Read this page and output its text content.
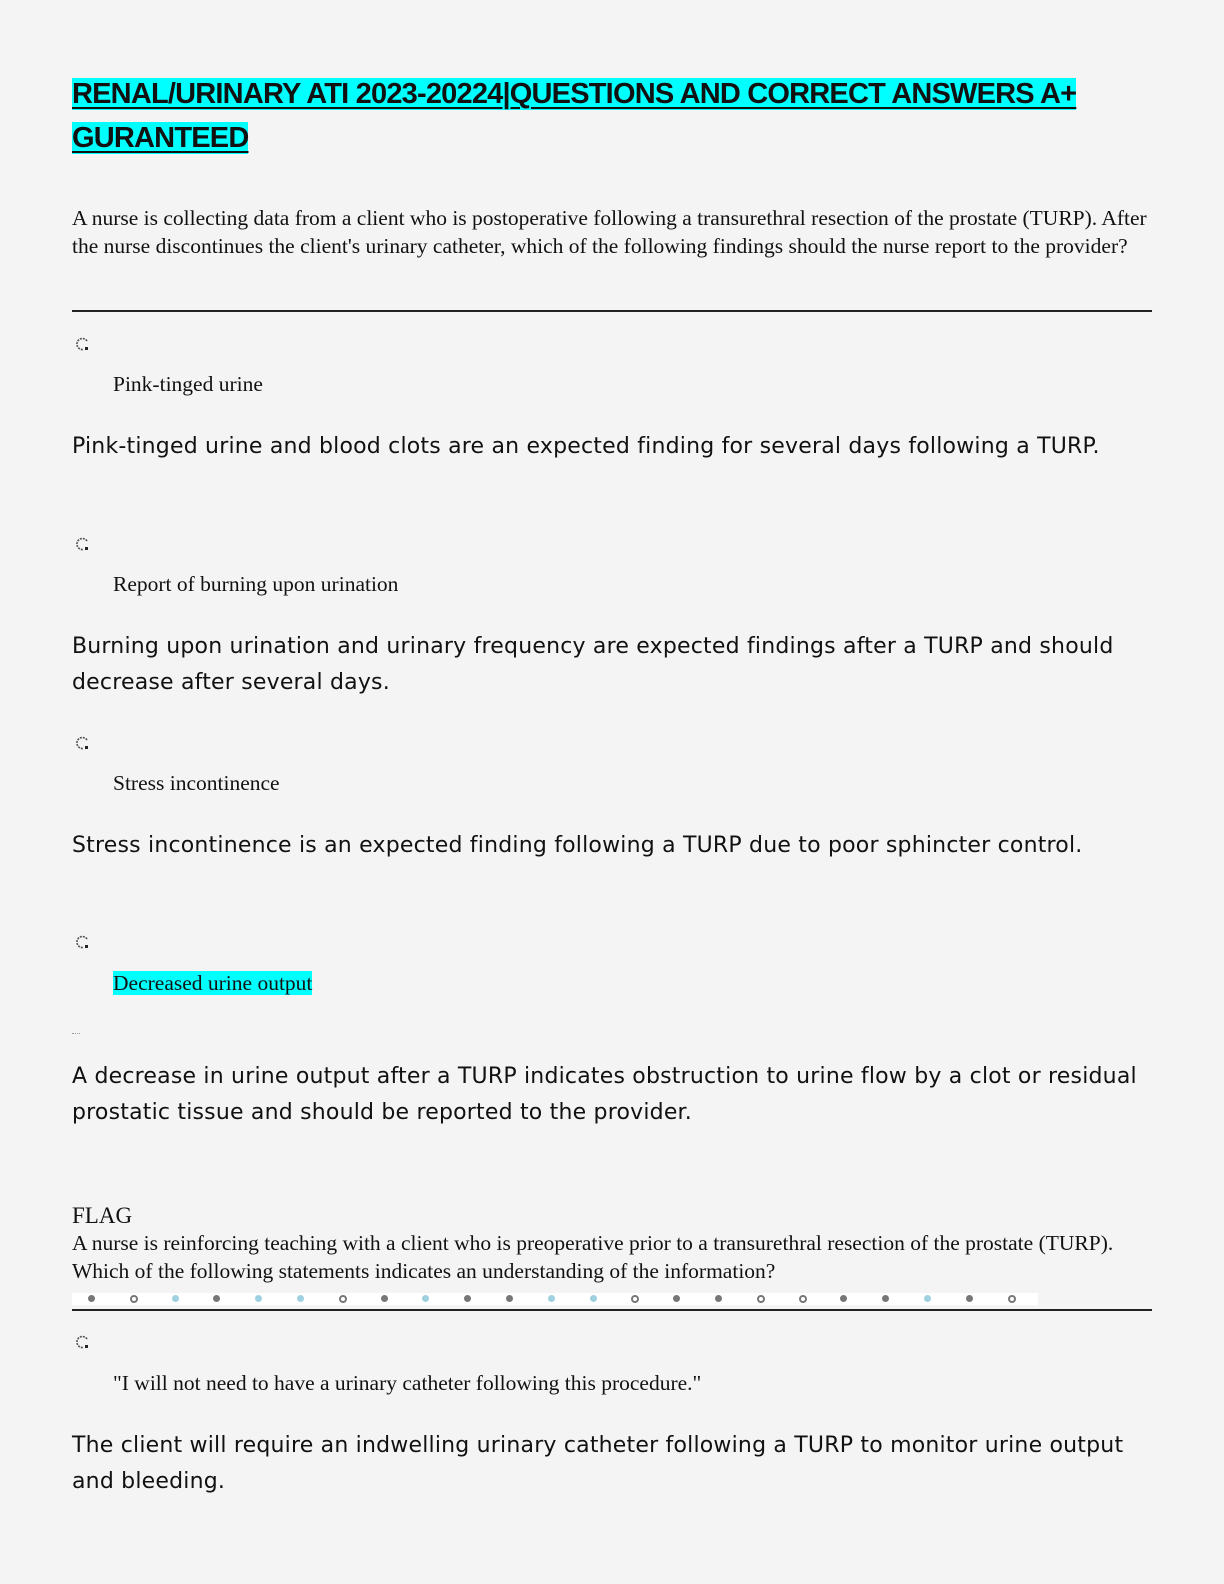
RENAL/URINARY ATI 2023-20224|QUESTIONS AND CORRECT ANSWERS A+ GURANTEED
A nurse is collecting data from a client who is postoperative following a transurethral resection of the prostate (TURP). After the nurse discontinues the client's urinary catheter, which of the following findings should the nurse report to the provider?
Pink-tinged urine
Pink-tinged urine and blood clots are an expected finding for several days following a TURP.
Report of burning upon urination
Burning upon urination and urinary frequency are expected findings after a TURP and should decrease after several days.
Stress incontinence
Stress incontinence is an expected finding following a TURP due to poor sphincter control.
Decreased urine output
A decrease in urine output after a TURP indicates obstruction to urine flow by a clot or residual prostatic tissue and should be reported to the provider.
FLAG
A nurse is reinforcing teaching with a client who is preoperative prior to a transurethral resection of the prostate (TURP). Which of the following statements indicates an understanding of the information?
"I will not need to have a urinary catheter following this procedure."
The client will require an indwelling urinary catheter following a TURP to monitor urine output and bleeding.
